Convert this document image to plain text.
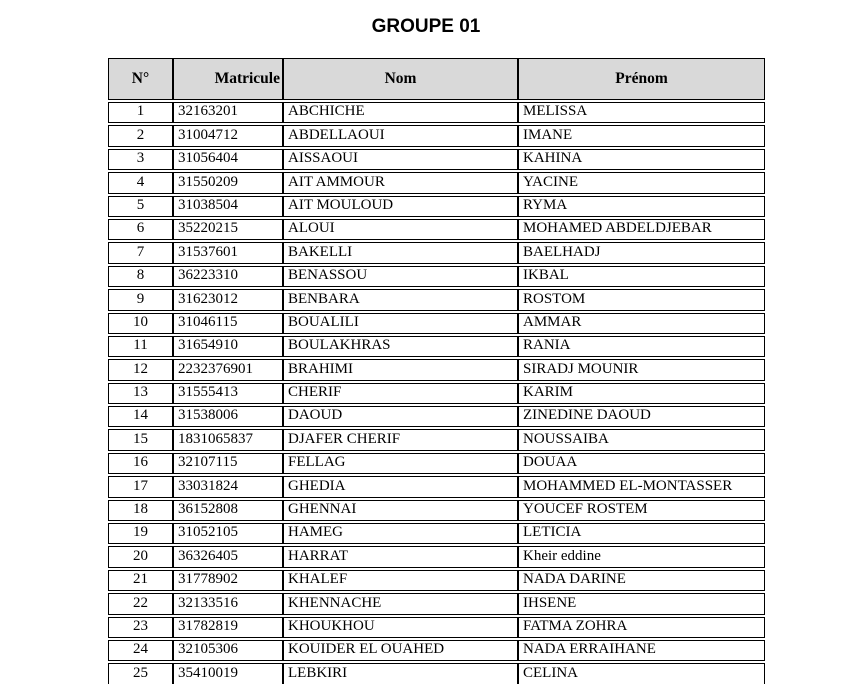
GROUPE 01
N°	Matricule	Nom	Prénom
1	32163201	ABCHICHE	MELISSA
2	31004712	ABDELLAOUI	IMANE
3	31056404	AISSAOUI	KAHINA
4	31550209	AIT AMMOUR	YACINE
5	31038504	AIT MOULOUD	RYMA
6	35220215	ALOUI	MOHAMED ABDELDJEBAR
7	31537601	BAKELLI	BAELHADJ
8	36223310	BENASSOU	IKBAL
9	31623012	BENBARA	ROSTOM
10	31046115	BOUALILI	AMMAR
11	31654910	BOULAKHRAS	RANIA
12	2232376901	BRAHIMI	SIRADJ MOUNIR
13	31555413	CHERIF	KARIM
14	31538006	DAOUD	ZINEDINE DAOUD
15	1831065837	DJAFER CHERIF	NOUSSAIBA
16	32107115	FELLAG	DOUAA
17	33031824	GHEDIA	MOHAMMED EL-MONTASSER
18	36152808	GHENNAI	YOUCEF ROSTEM
19	31052105	HAMEG	LETICIA
20	36326405	HARRAT	Kheir eddine
21	31778902	KHALEF	NADA DARINE
22	32133516	KHENNACHE	IHSENE
23	31782819	KHOUKHOU	FATMA ZOHRA
24	32105306	KOUIDER EL OUAHED	NADA ERRAIHANE
25	35410019	LEBKIRI	CELINA
